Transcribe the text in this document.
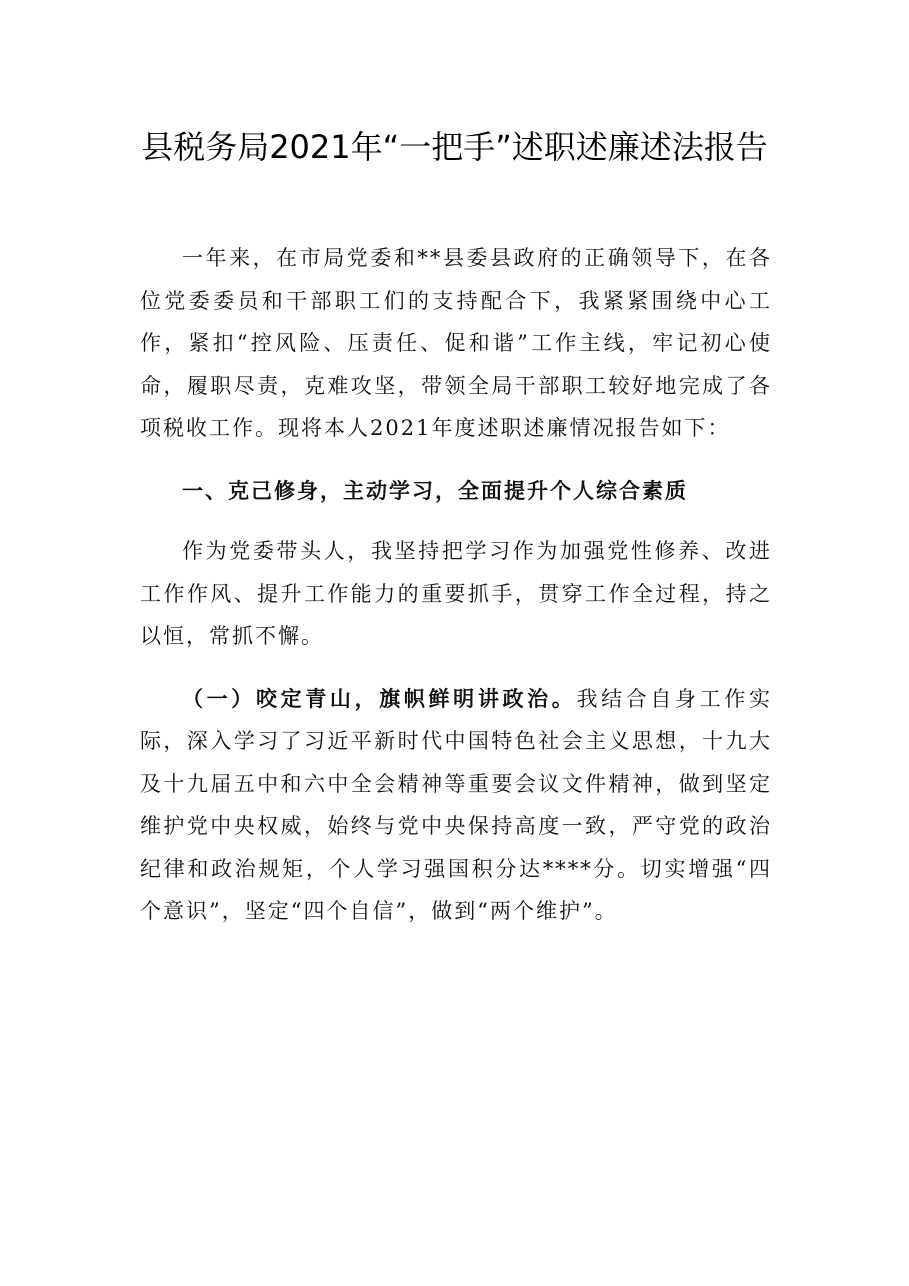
县税务局2021年“一把手”述职述廉述法报告

一年来，在市局党委和**县委县政府的正确领导下，在各位党委委员和干部职工们的支持配合下，我紧紧围绕中心工作，紧扣“控风险、压责任、促和谐”工作主线，牢记初心使命，履职尽责，克难攻坚，带领全局干部职工较好地完成了各项税收工作。现将本人2021年度述职述廉情况报告如下：

一、克己修身，主动学习，全面提升个人综合素质

作为党委带头人，我坚持把学习作为加强党性修养、改进工作作风、提升工作能力的重要抓手，贯穿工作全过程，持之以恒，常抓不懈。

（一）咬定青山，旗帜鲜明讲政治。我结合自身工作实际，深入学习了习近平新时代中国特色社会主义思想，十九大及十九届五中和六中全会精神等重要会议文件精神，做到坚定维护党中央权威，始终与党中央保持高度一致，严守党的政治纪律和政治规矩，个人学习强国积分达****分。切实增强“四个意识”，坚定“四个自信”，做到“两个维护”。
